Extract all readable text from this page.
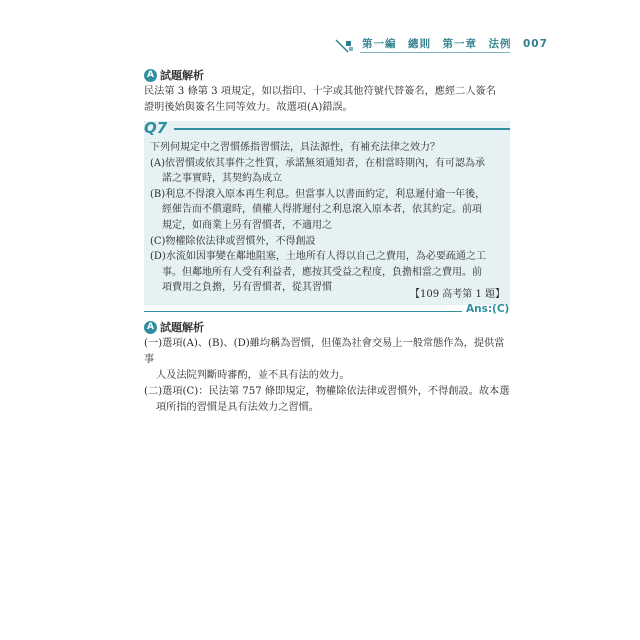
第一編　總則　第一章　法例　007
A 試題解析

民法第 3 條第 3 項規定，如以指印、十字或其他符號代替簽名，應經二人簽名

證明後始與簽名生同等效力。故選項(A)錯誤。

Q7

下列何規定中之習慣係指習慣法，具法源性，有補充法律之效力？

(A)依習慣或依其事件之性質，承諾無須通知者，在相當時期內，有可認為承

諾之事實時，其契約為成立

(B)利息不得滾入原本再生利息。但當事人以書面約定，利息遲付逾一年後，

經催告而不償還時，債權人得將遲付之利息滾入原本者，依其約定。前項

規定，如商業上另有習慣者，不適用之

(C)物權除依法律或習慣外，不得創設

(D)水流如因事變在鄰地阻塞，土地所有人得以自己之費用，為必要疏通之工

事。但鄰地所有人受有利益者，應按其受益之程度，負擔相當之費用。前

項費用之負擔，另有習慣者，從其習慣

【109 高考第 1 題】
Ans:(C)
A 試題解析

(一)選項(A)、(B)、(D)雖均稱為習慣，但僅為社會交易上一般常態作為，提供當事

人及法院判斷時審酌，並不具有法的效力。

(二)選項(C)：民法第 757 條即規定，物權除依法律或習慣外，不得創設。故本選

項所指的習慣是具有法效力之習慣。
